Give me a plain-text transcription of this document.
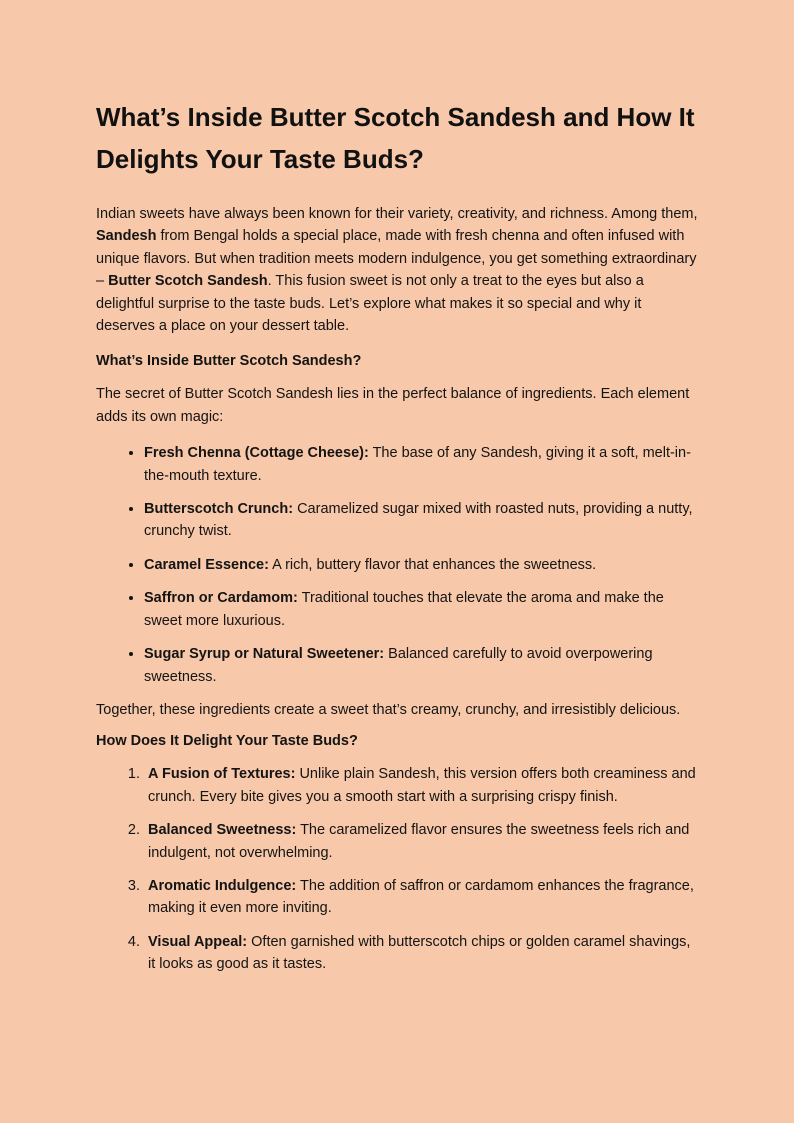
What’s Inside Butter Scotch Sandesh and How It Delights Your Taste Buds?

Indian sweets have always been known for their variety, creativity, and richness. Among them, Sandesh from Bengal holds a special place, made with fresh chenna and often infused with unique flavors. But when tradition meets modern indulgence, you get something extraordinary – Butter Scotch Sandesh. This fusion sweet is not only a treat to the eyes but also a delightful surprise to the taste buds. Let’s explore what makes it so special and why it deserves a place on your dessert table.

What’s Inside Butter Scotch Sandesh?

The secret of Butter Scotch Sandesh lies in the perfect balance of ingredients. Each element adds its own magic:

• Fresh Chenna (Cottage Cheese): The base of any Sandesh, giving it a soft, melt-in-the-mouth texture.
• Butterscotch Crunch: Caramelized sugar mixed with roasted nuts, providing a nutty, crunchy twist.
• Caramel Essence: A rich, buttery flavor that enhances the sweetness.
• Saffron or Cardamom: Traditional touches that elevate the aroma and make the sweet more luxurious.
• Sugar Syrup or Natural Sweetener: Balanced carefully to avoid overpowering sweetness.

Together, these ingredients create a sweet that’s creamy, crunchy, and irresistibly delicious.

How Does It Delight Your Taste Buds?
1. A Fusion of Textures: Unlike plain Sandesh, this version offers both creaminess and crunch. Every bite gives you a smooth start with a surprising crispy finish.
2. Balanced Sweetness: The caramelized flavor ensures the sweetness feels rich and indulgent, not overwhelming.
3. Aromatic Indulgence: The addition of saffron or cardamom enhances the fragrance, making it even more inviting.
4. Visual Appeal: Often garnished with butterscotch chips or golden caramel shavings, it looks as good as it tastes.
